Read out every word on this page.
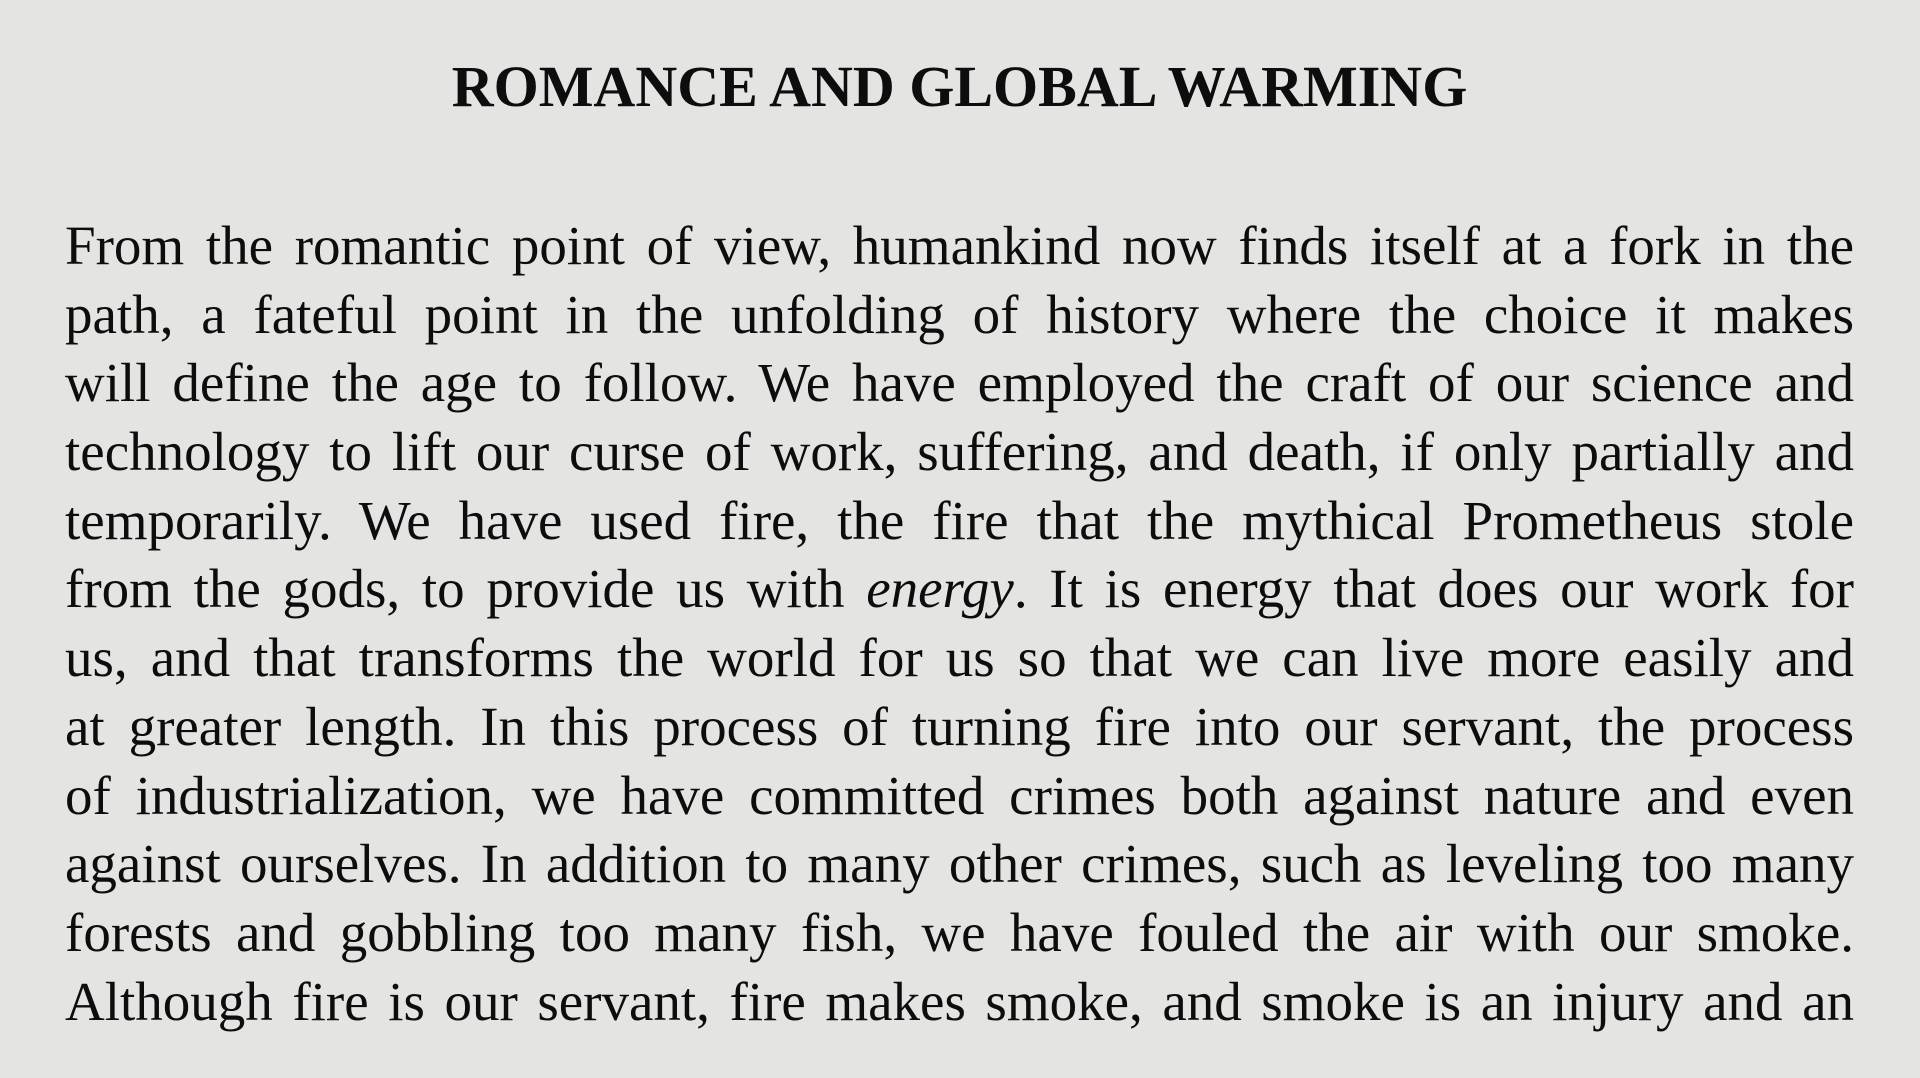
ROMANCE AND GLOBAL WARMING
From the romantic point of view, humankind now finds itself at a fork in the
path, a fateful point in the unfolding of history where the choice it makes
will define the age to follow. We have employed the craft of our science and
technology to lift our curse of work, suffering, and death, if only partially and
temporarily. We have used fire, the fire that the mythical Prometheus stole
from the gods, to provide us with energy. It is energy that does our work for
us, and that transforms the world for us so that we can live more easily and
at greater length. In this process of turning fire into our servant, the process
of industrialization, we have committed crimes both against nature and even
against ourselves. In addition to many other crimes, such as leveling too many
forests and gobbling too many fish, we have fouled the air with our smoke.
Although fire is our servant, fire makes smoke, and smoke is an injury and an
